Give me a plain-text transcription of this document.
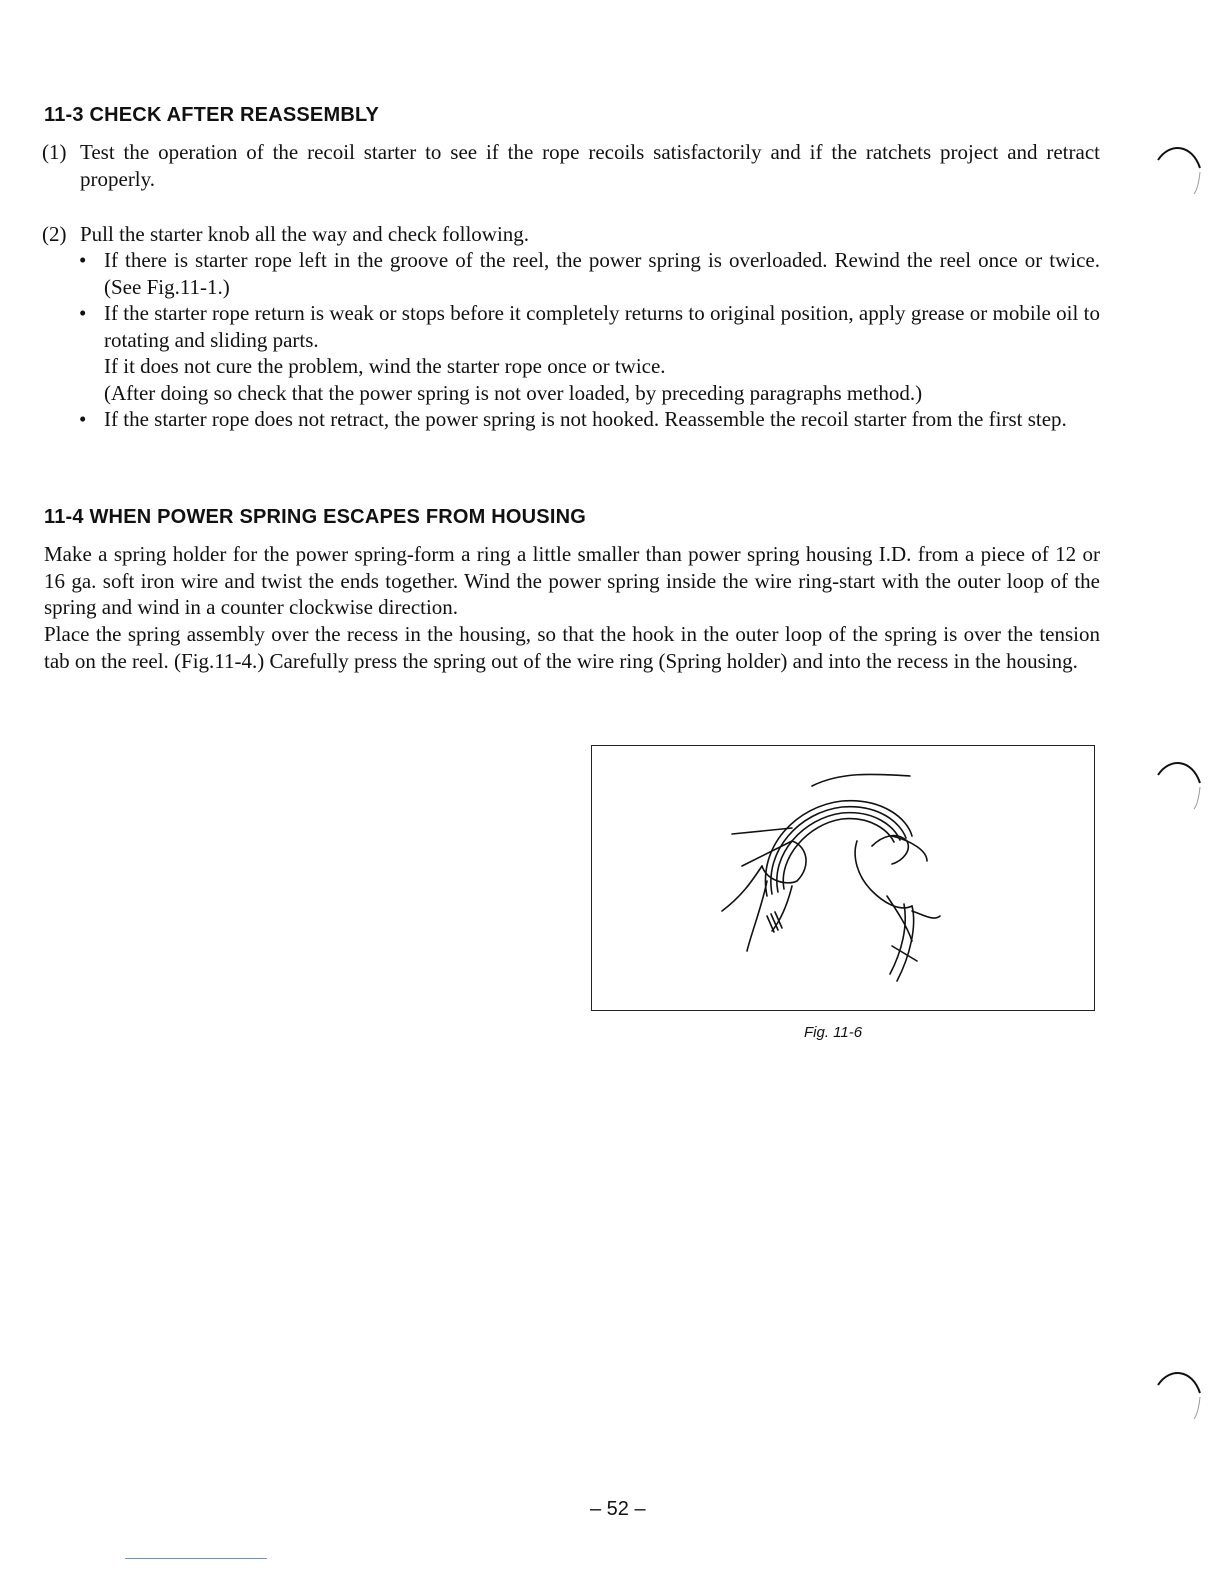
11-3 CHECK AFTER REASSEMBLY

(1) Test the operation of the recoil starter to see if the rope recoils satisfactorily and if the ratchets project and retract properly.

(2) Pull the starter knob all the way and check following.

• If there is starter rope left in the groove of the reel, the power spring is overloaded. Rewind the reel once or twice. (See Fig.11-1.)
• If the starter rope return is weak or stops before it completely returns to original position, apply grease or mobile oil to rotating and sliding parts.
If it does not cure the problem, wind the starter rope once or twice.
(After doing so check that the power spring is not over loaded, by preceding paragraphs method.)
• If the starter rope does not retract, the power spring is not hooked. Reassemble the recoil starter from the first step.
11-4 WHEN POWER SPRING ESCAPES FROM HOUSING

Make a spring holder for the power spring-form a ring a little smaller than power spring housing I.D. from a piece of 12 or 16 ga. soft iron wire and twist the ends together. Wind the power spring inside the wire ring-start with the outer loop of the spring and wind in a counter clockwise direction.

Place the spring assembly over the recess in the housing, so that the hook in the outer loop of the spring is over the tension tab on the reel. (Fig.11-4.) Carefully press the spring out of the wire ring (Spring holder) and into the recess in the housing.

Fig. 11-6
– 52 –
